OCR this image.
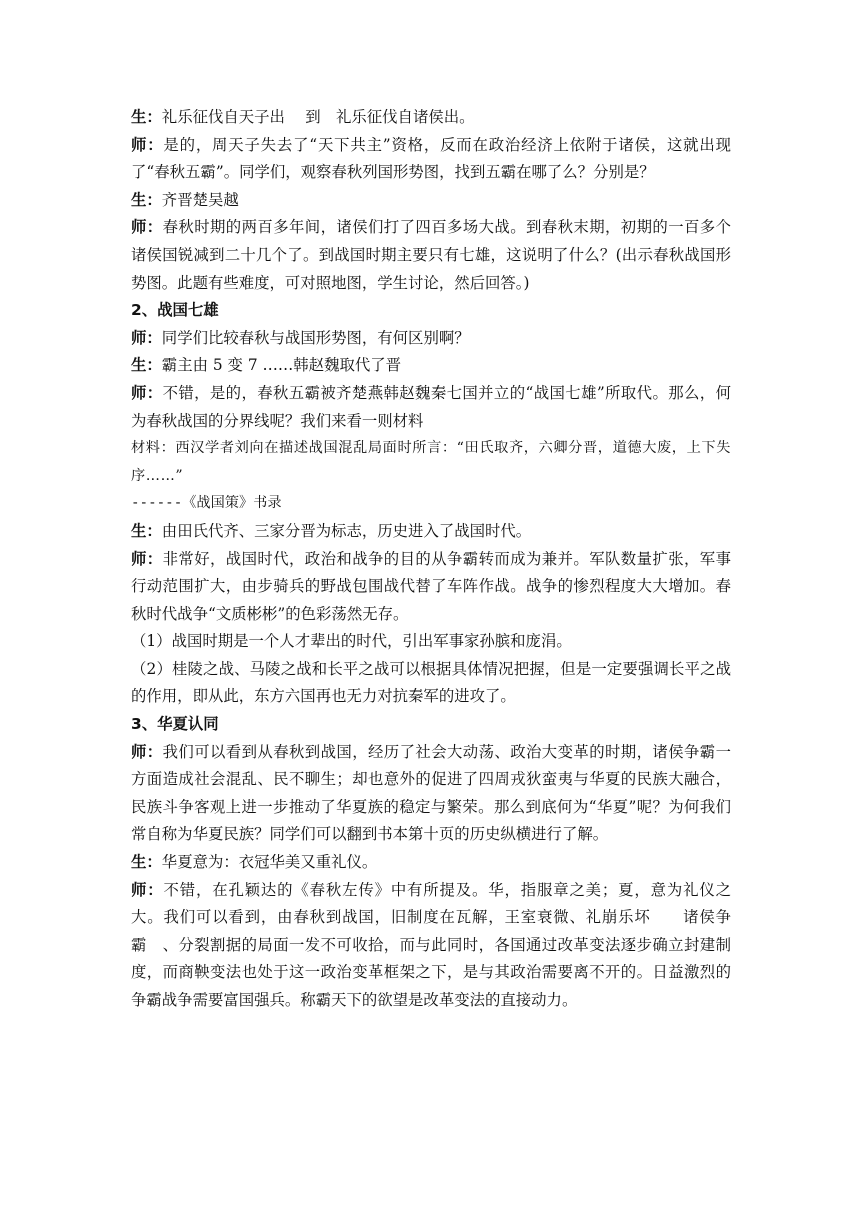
生：礼乐征伐自天子出　 到　礼乐征伐自诸侯出。

师：是的，周天子失去了“天下共主”资格，反而在政治经济上依附于诸侯，这就出现了“春秋五霸”。同学们，观察春秋列国形势图，找到五霸在哪了么？分别是？

生：齐晋楚吴越

师：春秋时期的两百多年间，诸侯们打了四百多场大战。到春秋末期，初期的一百多个诸侯国锐减到二十几个了。到战国时期主要只有七雄，这说明了什么？(出示春秋战国形势图。此题有些难度，可对照地图，学生讨论，然后回答。)

2、战国七雄

师：同学们比较春秋与战国形势图，有何区别啊？

生：霸主由 5 变 7 ……韩赵魏取代了晋

师：不错，是的，春秋五霸被齐楚燕韩赵魏秦七国并立的“战国七雄”所取代。那么，何为春秋战国的分界线呢？我们来看一则材料

材料：西汉学者刘向在描述战国混乱局面时所言：“田氏取齐，六卿分晋，道德大废，上下失序……”

------《战国策》书录

生：由田氏代齐、三家分晋为标志，历史进入了战国时代。

师：非常好，战国时代，政治和战争的目的从争霸转而成为兼并。军队数量扩张，军事行动范围扩大，由步骑兵的野战包围战代替了车阵作战。战争的惨烈程度大大增加。春秋时代战争“文质彬彬”的色彩荡然无存。

（1）战国时期是一个人才辈出的时代，引出军事家孙膑和庞涓。

（2）桂陵之战、马陵之战和长平之战可以根据具体情况把握，但是一定要强调长平之战的作用，即从此，东方六国再也无力对抗秦军的进攻了。

3、华夏认同

师：我们可以看到从春秋到战国，经历了社会大动荡、政治大变革的时期，诸侯争霸一方面造成社会混乱、民不聊生；却也意外的促进了四周戎狄蛮夷与华夏的民族大融合，民族斗争客观上进一步推动了华夏族的稳定与繁荣。那么到底何为“华夏”呢？为何我们常自称为华夏民族？同学们可以翻到书本第十页的历史纵横进行了解。

生：华夏意为：衣冠华美又重礼仪。

师：不错，在孔颖达的《春秋左传》中有所提及。华，指服章之美；夏，意为礼仪之大。我们可以看到，由春秋到战国，旧制度在瓦解，王室衰微、礼崩乐坏　　诸侯争霸　、分裂割据的局面一发不可收拾，而与此同时，各国通过改革变法逐步确立封建制度，而商鞅变法也处于这一政治变革框架之下，是与其政治需要离不开的。日益激烈的争霸战争需要富国强兵。称霸天下的欲望是改革变法的直接动力。
